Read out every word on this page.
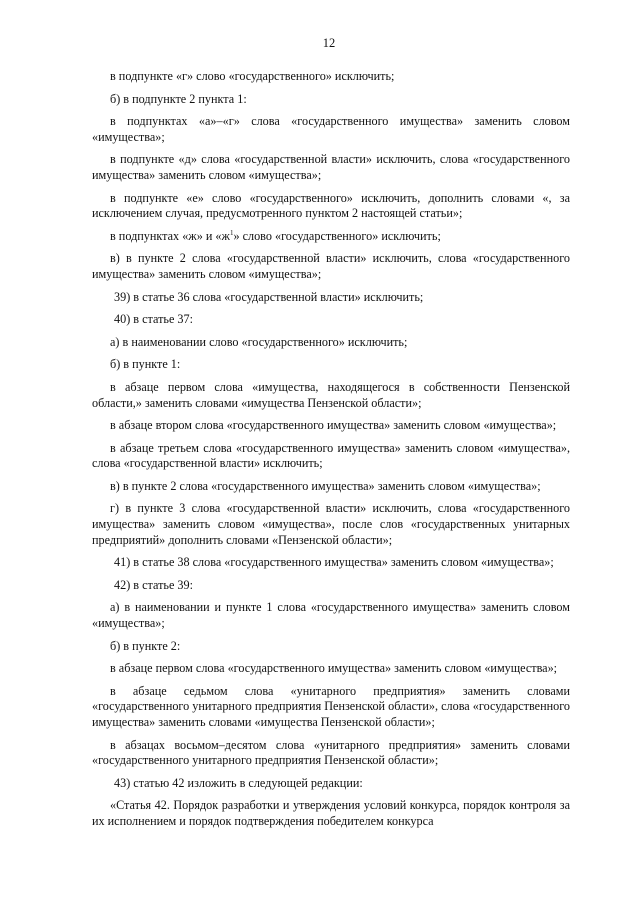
12

в подпункте «г» слово «государственного» исключить;

б) в подпункте 2 пункта 1:

в подпунктах «а»–«г» слова «государственного имущества» заменить словом «имущества»;

в подпункте «д» слова «государственной власти» исключить, слова «государственного имущества» заменить словом «имущества»;

в подпункте «е» слово «государственного» исключить, дополнить словами «, за исключением случая, предусмотренного пунктом 2 настоящей статьи»;

в подпунктах «ж» и «$ж^1$» слово «государственного» исключить;

в) в пункте 2 слова «государственной власти» исключить, слова «государственного имущества» заменить словом «имущества»;

39) в статье 36 слова «государственной власти» исключить;

40) в статье 37:

а) в наименовании слово «государственного» исключить;

б) в пункте 1:

в абзаце первом слова «имущества, находящегося в собственности Пензенской области,» заменить словами «имущества Пензенской области»;

в абзаце втором слова «государственного имущества» заменить словом «имущества»;

в абзаце третьем слова «государственного имущества» заменить словом «имущества», слова «государственной власти» исключить;

в) в пункте 2 слова «государственного имущества» заменить словом «имущества»;

г) в пункте 3 слова «государственной власти» исключить, слова «государственного имущества» заменить словом «имущества», после слов «государственных унитарных предприятий» дополнить словами «Пензенской области»;

41) в статье 38 слова «государственного имущества» заменить словом «имущества»;

42) в статье 39:

а) в наименовании и пункте 1 слова «государственного имущества» заменить словом «имущества»;

б) в пункте 2:

в абзаце первом слова «государственного имущества» заменить словом «имущества»;

в абзаце седьмом слова «унитарного предприятия» заменить словами «государственного унитарного предприятия Пензенской области», слова «государственного имущества» заменить словами «имущества Пензенской области»;

в абзацах восьмом–десятом слова «унитарного предприятия» заменить словами «государственного унитарного предприятия Пензенской области»;

43) статью 42 изложить в следующей редакции:

«Статья 42. Порядок разработки и утверждения условий конкурса, порядок контроля за их исполнением и порядок подтверждения победителем конкурса
